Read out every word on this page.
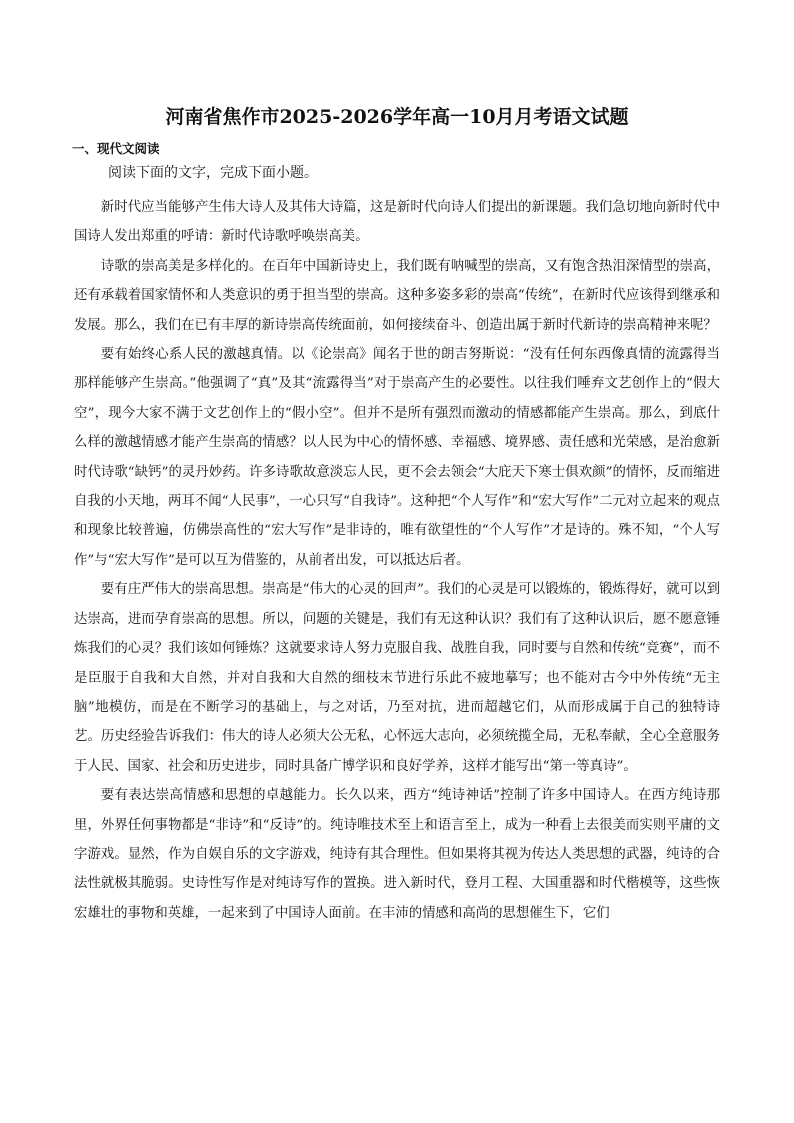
河南省焦作市2025-2026学年高一10月月考语文试题
一、现代文阅读
阅读下面的文字，完成下面小题。

新时代应当能够产生伟大诗人及其伟大诗篇，这是新时代向诗人们提出的新课题。我们急切地向新时代中国诗人发出郑重的呼请：新时代诗歌呼唤崇高美。

诗歌的崇高美是多样化的。在百年中国新诗史上，我们既有呐喊型的崇高，又有饱含热泪深情型的崇高，还有承载着国家情怀和人类意识的勇于担当型的崇高。这种多姿多彩的崇高“传统”，在新时代应该得到继承和发展。那么，我们在已有丰厚的新诗崇高传统面前，如何接续奋斗、创造出属于新时代新诗的崇高精神来呢？

要有始终心系人民的激越真情。以《论崇高》闻名于世的朗吉努斯说：“没有任何东西像真情的流露得当那样能够产生崇高。”他强调了“真”及其“流露得当”对于崇高产生的必要性。以往我们唾弃文艺创作上的“假大空”，现今大家不满于文艺创作上的“假小空”。但并不是所有强烈而激动的情感都能产生崇高。那么，到底什么样的激越情感才能产生崇高的情感？以人民为中心的情怀感、幸福感、境界感、责任感和光荣感，是治愈新时代诗歌“缺钙”的灵丹妙药。许多诗歌故意淡忘人民，更不会去领会“大庇天下寒士俱欢颜”的情怀，反而缩进自我的小天地，两耳不闻“人民事”，一心只写“自我诗”。这种把“个人写作”和“宏大写作”二元对立起来的观点和现象比较普遍，仿佛崇高性的“宏大写作”是非诗的，唯有欲望性的“个人写作”才是诗的。殊不知，“个人写作”与“宏大写作”是可以互为借鉴的，从前者出发，可以抵达后者。

要有庄严伟大的崇高思想。崇高是“伟大的心灵的回声”。我们的心灵是可以锻炼的，锻炼得好，就可以到达崇高，进而孕育崇高的思想。所以，问题的关键是，我们有无这种认识？我们有了这种认识后，愿不愿意锤炼我们的心灵？我们该如何锤炼？这就要求诗人努力克服自我、战胜自我，同时要与自然和传统“竞赛”，而不是臣服于自我和大自然，并对自我和大自然的细枝末节进行乐此不疲地摹写；也不能对古今中外传统“无主脑”地模仿，而是在不断学习的基础上，与之对话，乃至对抗，进而超越它们，从而形成属于自己的独特诗艺。历史经验告诉我们：伟大的诗人必须大公无私，心怀远大志向，必须统揽全局，无私奉献，全心全意服务于人民、国家、社会和历史进步，同时具备广博学识和良好学养，这样才能写出“第一等真诗”。

要有表达崇高情感和思想的卓越能力。长久以来，西方“纯诗神话”控制了许多中国诗人。在西方纯诗那里，外界任何事物都是“非诗”和“反诗”的。纯诗唯技术至上和语言至上，成为一种看上去很美而实则平庸的文字游戏。显然，作为自娱自乐的文字游戏，纯诗有其合理性。但如果将其视为传达人类思想的武器，纯诗的合法性就极其脆弱。史诗性写作是对纯诗写作的置换。进入新时代，登月工程、大国重器和时代楷模等，这些恢宏雄壮的事物和英雄，一起来到了中国诗人面前。在丰沛的情感和高尚的思想催生下，它们
